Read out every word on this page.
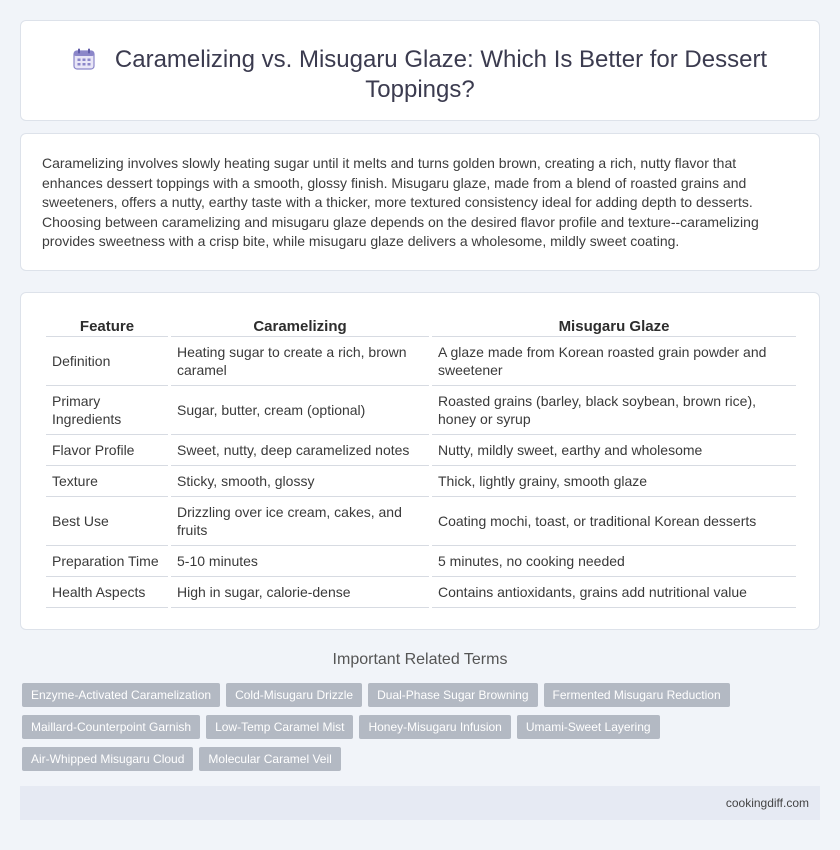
Caramelizing vs. Misugaru Glaze: Which Is Better for Dessert Toppings?

Caramelizing involves slowly heating sugar until it melts and turns golden brown, creating a rich, nutty flavor that enhances dessert toppings with a smooth, glossy finish. Misugaru glaze, made from a blend of roasted grains and sweeteners, offers a nutty, earthy taste with a thicker, more textured consistency ideal for adding depth to desserts. Choosing between caramelizing and misugaru glaze depends on the desired flavor profile and texture--caramelizing provides sweetness with a crisp bite, while misugaru glaze delivers a wholesome, mildly sweet coating.

Feature	Caramelizing	Misugaru Glaze
Definition	Heating sugar to create a rich, brown caramel	A glaze made from Korean roasted grain powder and sweetener
Primary Ingredients	Sugar, butter, cream (optional)	Roasted grains (barley, black soybean, brown rice), honey or syrup
Flavor Profile	Sweet, nutty, deep caramelized notes	Nutty, mildly sweet, earthy and wholesome
Texture	Sticky, smooth, glossy	Thick, lightly grainy, smooth glaze
Best Use	Drizzling over ice cream, cakes, and fruits	Coating mochi, toast, or traditional Korean desserts
Preparation Time	5-10 minutes	5 minutes, no cooking needed
Health Aspects	High in sugar, calorie-dense	Contains antioxidants, grains add nutritional value
Important Related Terms
Enzyme-Activated Caramelization	Cold-Misugaru Drizzle	Dual-Phase Sugar Browning	Fermented Misugaru Reduction
Maillard-Counterpoint Garnish	Low-Temp Caramel Mist	Honey-Misugaru Infusion	Umami-Sweet Layering
Air-Whipped Misugaru Cloud	Molecular Caramel Veil
cookingdiff.com
